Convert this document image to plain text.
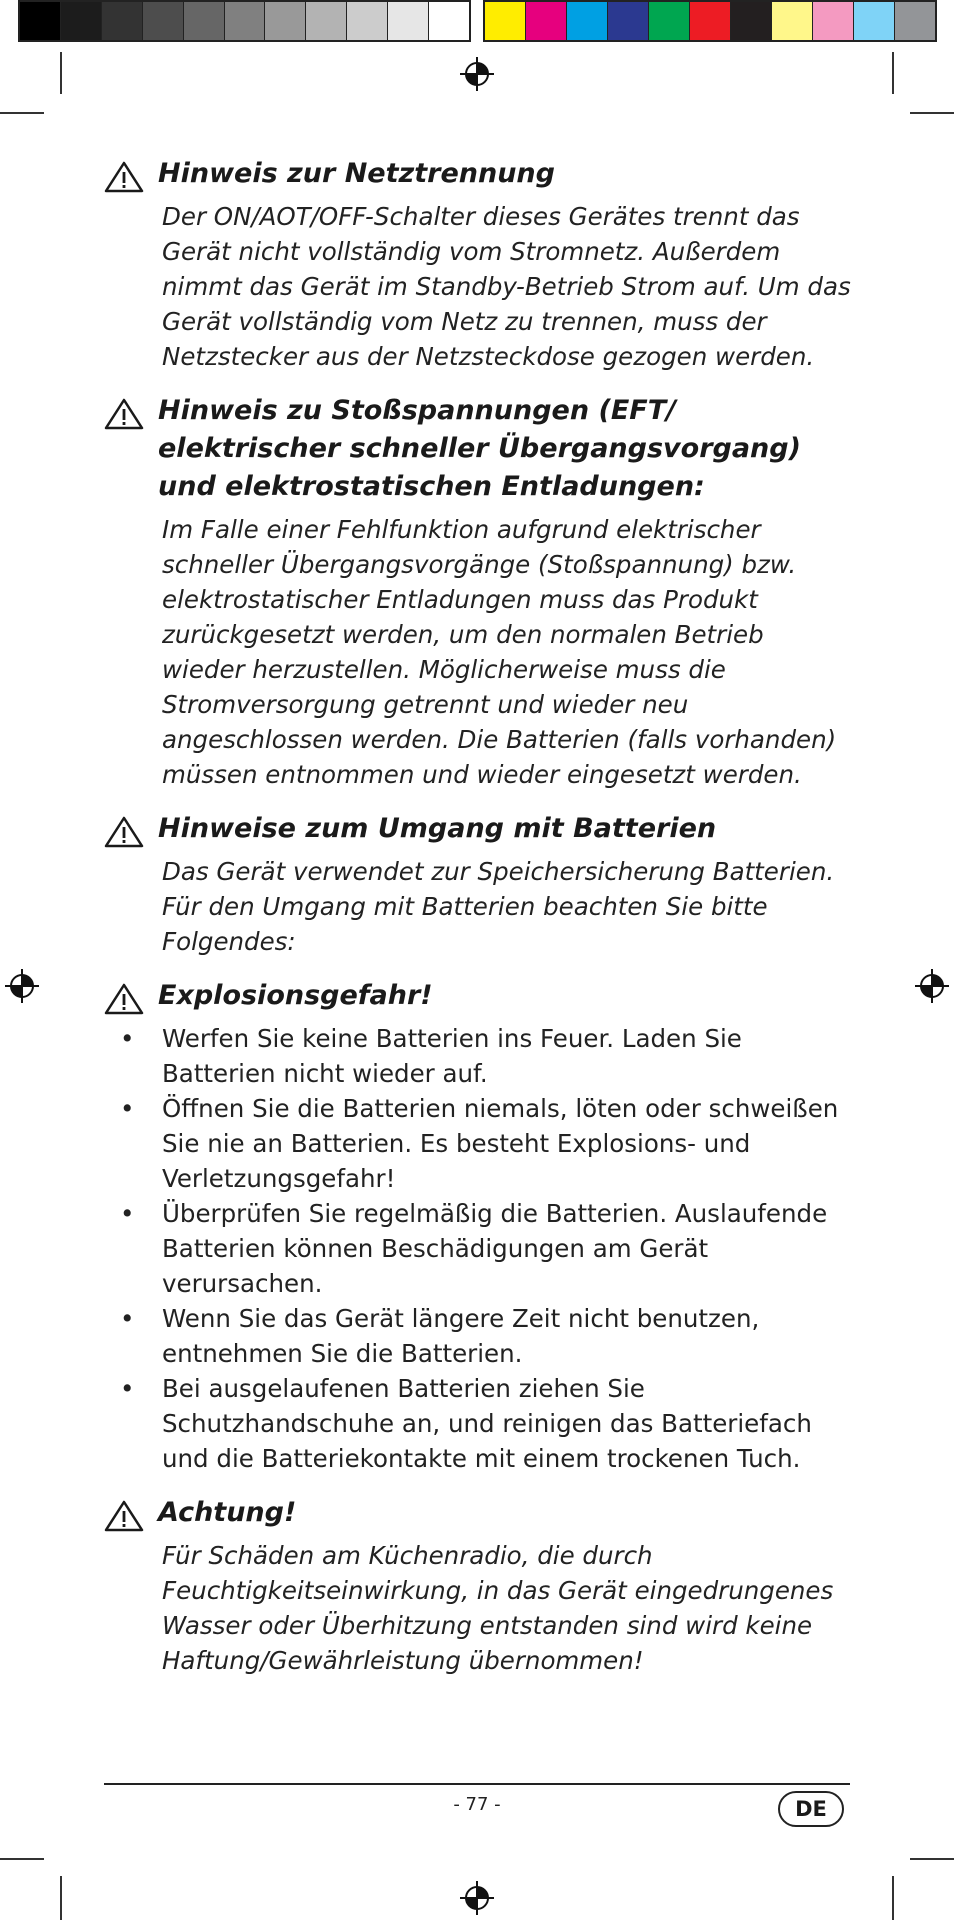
Hinweis zur Netztrennung

Der ON/AOT/OFF-Schalter dieses Gerätes trennt das Gerät nicht vollständig vom Stromnetz. Außerdem nimmt das Gerät im Standby-Betrieb Strom auf. Um das Gerät vollständig vom Netz zu trennen, muss der Netzstecker aus der Netzsteckdose gezogen werden.

Hinweis zu Stoßspannungen (EFT/ elektrischer schneller Übergangsvorgang) und elektrostatischen Entladungen:

Im Falle einer Fehlfunktion aufgrund elektrischer schneller Übergangsvorgänge (Stoßspannung) bzw. elektrostatischer Entladungen muss das Produkt zurückgesetzt werden, um den normalen Betrieb wieder herzustellen. Möglicherweise muss die Stromversorgung getrennt und wieder neu angeschlossen werden. Die Batterien (falls vorhanden) müssen entnommen und wieder eingesetzt werden.

Hinweise zum Umgang mit Batterien

Das Gerät verwendet zur Speichersicherung Batterien. Für den Umgang mit Batterien beachten Sie bitte Folgendes:

Explosionsgefahr!
• Werfen Sie keine Batterien ins Feuer. Laden Sie Batterien nicht wieder auf.
• Öffnen Sie die Batterien niemals, löten oder schweißen Sie nie an Batterien. Es besteht Explosions- und Verletzungsgefahr!
• Überprüfen Sie regelmäßig die Batterien. Auslaufende Batterien können Beschädigungen am Gerät verursachen.
• Wenn Sie das Gerät längere Zeit nicht benutzen, entnehmen Sie die Batterien.
• Bei ausgelaufenen Batterien ziehen Sie Schutzhandschuhe an, und reinigen das Batteriefach und die Batteriekontakte mit einem trockenen Tuch.
Achtung!

Für Schäden am Küchenradio, die durch Feuchtigkeitseinwirkung, in das Gerät eingedrungenes Wasser oder Überhitzung entstanden sind wird keine Haftung/Gewährleistung übernommen!

- 77 -	DE
